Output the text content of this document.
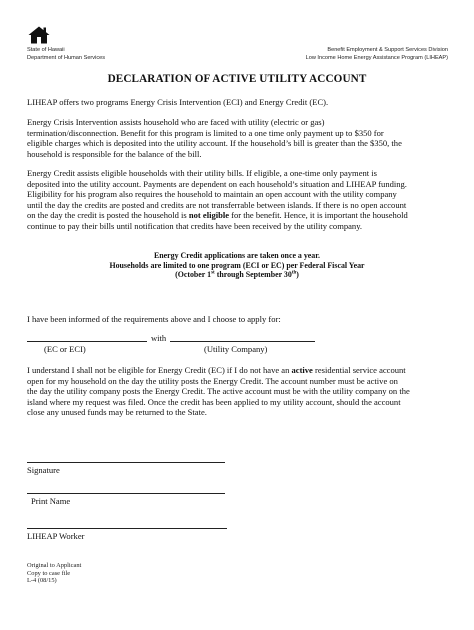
State of Hawaii
Department of Human Services
Benefit Employment & Support Services Division
Low Income Home Energy Assistance Program (LIHEAP)
DECLARATION OF ACTIVE UTILITY ACCOUNT
LIHEAP offers two programs Energy Crisis Intervention (ECI) and Energy Credit (EC).
Energy Crisis Intervention assists household who are faced with utility (electric or gas)
termination/disconnection. Benefit for this program is limited to a one time only payment up to $350 for
eligible charges which is deposited into the utility account. If the household’s bill is greater than the $350, the
household is responsible for the balance of the bill.
Energy Credit assists eligible households with their utility bills. If eligible, a one-time only payment is
deposited into the utility account. Payments are dependent on each household’s situation and LIHEAP funding.
Eligibility for his program also requires the household to maintain an open account with the utility company
until the day the credits are posted and credits are not transferrable between islands. If there is no open account
on the day the credit is posted the household is not eligible for the benefit. Hence, it is important the household
continue to pay their bills until notification that credits have been received by the utility company.
Energy Credit applications are taken once a year.
Households are limited to one program (ECI or EC) per Federal Fiscal Year
(October 1st through September 30th)
I have been informed of the requirements above and I choose to apply for:
with
(EC or ECI)	(Utility Company)
I understand I shall not be eligible for Energy Credit (EC) if I do not have an active residential service account
open for my household on the day the utility posts the Energy Credit. The account number must be active on
the day the utility company posts the Energy Credit. The active account must be with the utility company on the
island where my request was filed. Once the credit has been applied to my utility account, should the account
close any unused funds may be returned to the State.
Signature
Print Name
LIHEAP Worker
Original to Applicant
Copy to case file
L-4 (08/15)
